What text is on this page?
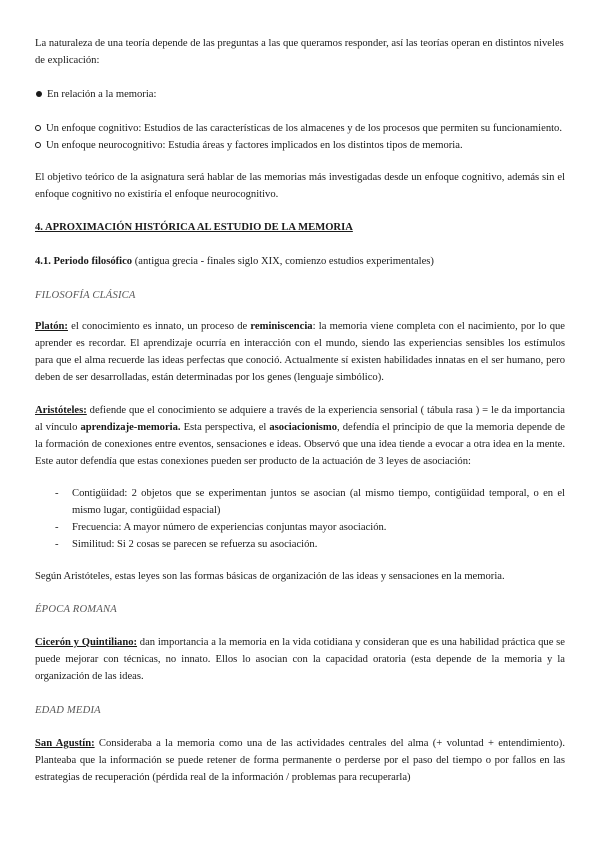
La naturaleza de una teoría depende de las preguntas a las que queramos responder, así las teorías operan en distintos niveles de explicación:

En relación a la memoria:
Un enfoque cognitivo: Estudios de las características de los almacenes y de los procesos que permiten su funcionamiento.
Un enfoque neurocognitivo: Estudia áreas y factores implicados en los distintos tipos de memoria.

El objetivo teórico de la asignatura será hablar de las memorias más investigadas desde un enfoque cognitivo, además sin el enfoque cognitivo no existiría el enfoque neurocognitivo.

4. APROXIMACIÓN HISTÓRICA AL ESTUDIO DE LA MEMORIA

4.1. Periodo filosófico (antigua grecia - finales siglo XIX, comienzo estudios experimentales)

FILOSOFÍA CLÁSICA

Platón: el conocimiento es innato, un proceso de reminiscencia: la memoria viene completa con el nacimiento, por lo que aprender es recordar. El aprendizaje ocurría en interacción con el mundo, siendo las experiencias sensibles los estímulos para que el alma recuerde las ideas perfectas que conoció. Actualmente sí existen habilidades innatas en el ser humano, pero deben de ser desarrolladas, están determinadas por los genes (lenguaje simbólico).

Aristóteles: defiende que el conocimiento se adquiere a través de la experiencia sensorial ( tábula rasa ) = le da importancia al vínculo aprendizaje-memoria. Esta perspectiva, el asociacionismo, defendía el principio de que la memoria depende de la formación de conexiones entre eventos, sensaciones e ideas. Observó que una idea tiende a evocar a otra idea en la mente. Este autor defendía que estas conexiones pueden ser producto de la actuación de 3 leyes de asociación:

-	Contigüidad: 2 objetos que se experimentan juntos se asocian (al mismo tiempo, contigüidad temporal, o en el mismo lugar, contigüidad espacial)

-	Frecuencia: A mayor número de experiencias conjuntas mayor asociación.

-	Similitud: Si 2 cosas se parecen se refuerza su asociación.

Según Aristóteles, estas leyes son las formas básicas de organización de las ideas y sensaciones en la memoria.

ÉPOCA ROMANA

Cicerón y Quintiliano: dan importancia a la memoria en la vida cotidiana y consideran que es una habilidad práctica que se puede mejorar con técnicas, no innato. Ellos lo asocian con la capacidad oratoria (esta depende de la memoria y la organización de las ideas.

EDAD MEDIA

San Agustín: Consideraba a la memoria como una de las actividades centrales del alma (+ voluntad + entendimiento). Planteaba que la información se puede retener de forma permanente o perderse por el paso del tiempo o por fallos en las estrategias de recuperación (pérdida real de la información / problemas para recuperarla)
